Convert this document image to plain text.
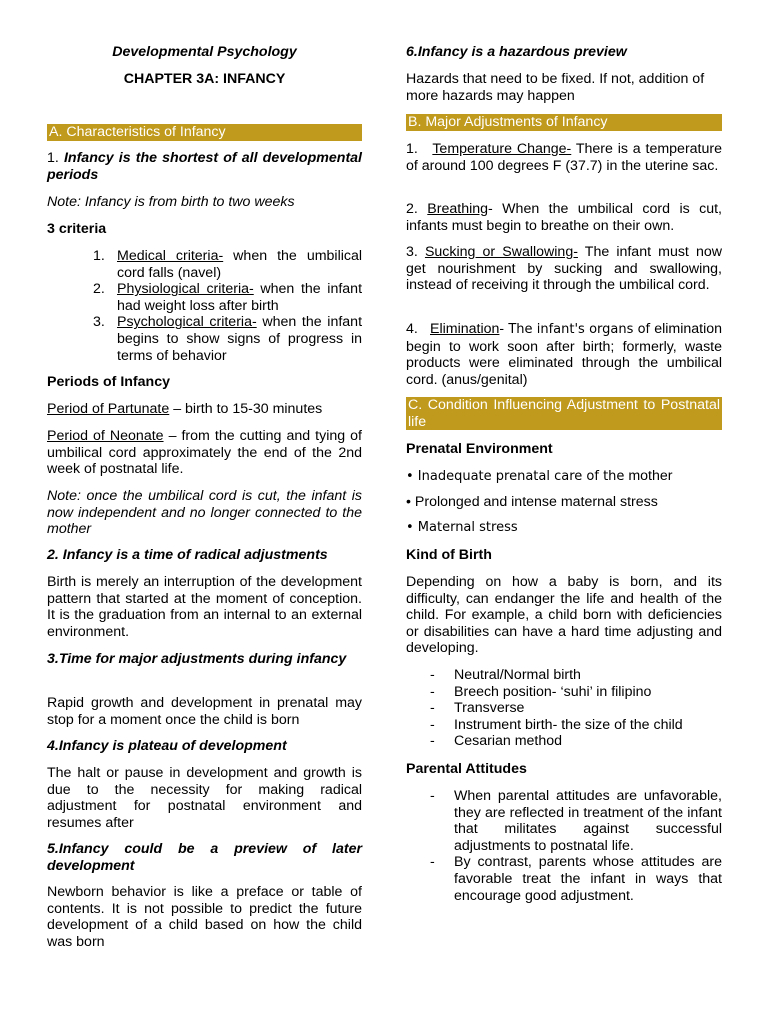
Developmental Psychology
CHAPTER 3A: INFANCY
A. Characteristics of Infancy
1. Infancy is the shortest of all developmental periods
Note: Infancy is from birth to two weeks
3 criteria
1. Medical criteria- when the umbilical cord falls (navel)
2. Physiological criteria- when the infant had weight loss after birth
3. Psychological criteria- when the infant begins to show signs of progress in terms of behavior
Periods of Infancy
Period of Partunate – birth to 15-30 minutes
Period of Neonate – from the cutting and tying of umbilical cord approximately the end of the 2nd week of postnatal life.
Note: once the umbilical cord is cut, the infant is now independent and no longer connected to the mother
2. Infancy is a time of radical adjustments
Birth is merely an interruption of the development pattern that started at the moment of conception. It is the graduation from an internal to an external environment.
3.Time for major adjustments during infancy
Rapid growth and development in prenatal may stop for a moment once the child is born
4.Infancy is plateau of development
The halt or pause in development and growth is due to the necessity for making radical adjustment for postnatal environment and resumes after
5.Infancy could be a preview of later development
Newborn behavior is like a preface or table of contents. It is not possible to predict the future development of a child based on how the child was born
6.Infancy is a hazardous preview
Hazards that need to be fixed. If not, addition of more hazards may happen
B. Major Adjustments of Infancy
1. Temperature Change- There is a temperature of around 100 degrees F (37.7) in the uterine sac.
2. Breathing- When the umbilical cord is cut, infants must begin to breathe on their own.
3. Sucking or Swallowing- The infant must now get nourishment by sucking and swallowing, instead of receiving it through the umbilical cord.
4. Elimination- The infant's organs of elimination begin to work soon after birth; formerly, waste products were eliminated through the umbilical cord. (anus/genital)
C. Condition Influencing Adjustment to Postnatal life
Prenatal Environment
• Inadequate prenatal care of the mother
• Prolonged and intense maternal stress
• Maternal stress
Kind of Birth
Depending on how a baby is born, and its difficulty, can endanger the life and health of the child. For example, a child born with deficiencies or disabilities can have a hard time adjusting and developing.
- Neutral/Normal birth
- Breech position- ‘suhi’ in filipino
- Transverse
- Instrument birth- the size of the child
- Cesarian method
Parental Attitudes
- When parental attitudes are unfavorable, they are reflected in treatment of the infant that militates against successful adjustments to postnatal life.
- By contrast, parents whose attitudes are favorable treat the infant in ways that encourage good adjustment.
